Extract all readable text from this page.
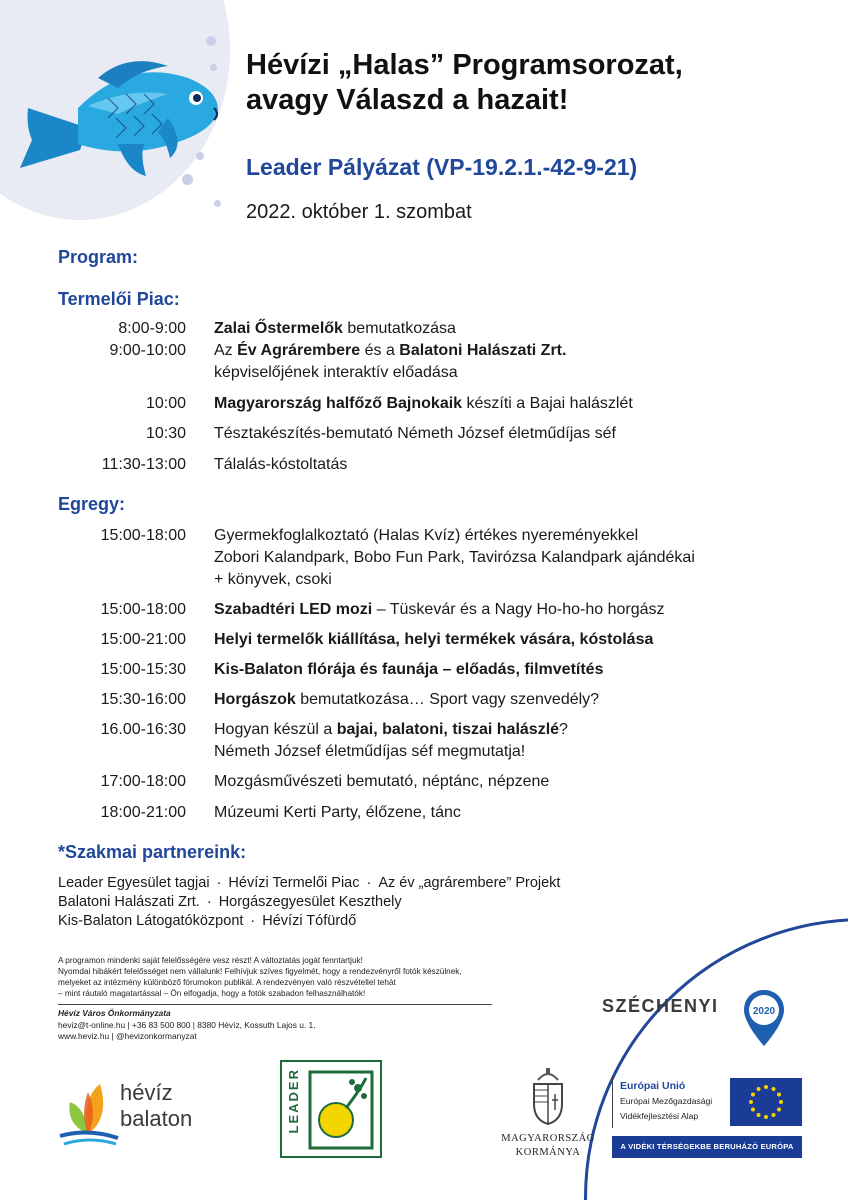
Hévízi „Halas” Programsorozat,
avagy Válaszd a hazait!
Leader Pályázat (VP-19.2.1.-42-9-21)
2022. október 1. szombat
Program:
Termelői Piac:
8:00-9:00 Zalai Őstermelők bemutatkozása
9:00-10:00 Az Év Agrárembere és a Balatoni Halászati Zrt.
képviselőjének interaktív előadása
10:00 Magyarország halfőző Bajnokaik készíti a Bajai halászlét
10:30 Tésztakészítés-bemutató Németh József életműdíjas séf
11:30-13:00 Tálalás-kóstoltatás
Egregy:
15:00-18:00 Gyermekfoglalkoztató (Halas Kvíz) értékes nyereményekkel
Zobori Kalandpark, Bobo Fun Park, Tavirózsa Kalandpark ajándékai
+ könyvek, csoki
15:00-18:00 Szabadtéri LED mozi – Tüskevár és a Nagy Ho-ho-ho horgász
15:00-21:00 Helyi termelők kiállítása, helyi termékek vására, kóstolása
15:00-15:30 Kis-Balaton flórája és faunája – előadás, filmvetítés
15:30-16:00 Horgászok bemutatkozása… Sport vagy szenvedély?
16.00-16:30 Hogyan készül a bajai, balatoni, tiszai halászlé?
Németh József életműdíjas séf megmutatja!
17:00-18:00 Mozgásművészeti bemutató, néptánc, népzene
18:00-21:00 Múzeumi Kerti Party, élőzene, tánc
*Szakmai partnereink:
Leader Egyesület tagjai · Hévízi Termelői Piac · Az év „agrárembere” Projekt
Balatoni Halászati Zrt. · Horgászegyesület Keszthely
Kis-Balaton Látogatóközpont · Hévízi Tófürdő
A programon mindenki saját felelősségére vesz részt! A változtatás jogát fenntartjuk!
Nyomdai hibákért felelősséget nem vállalunk! Felhívjuk szíves figyelmét, hogy a rendezvényről fotók készülnek,
melyeket az intézmény különböző fórumokon publikál. A rendezvényen való részvétellel tehát
– mint ráutaló magatartással – Ön elfogadja, hogy a fotók szabadon felhasználhatók!
Hévíz Város Önkormányzata
heviz@t-online.hu | +36 83 500 800 | 8380 Hévíz, Kossuth Lajos u. 1.
www.heviz.hu | @hevizonkormanyzat
SZÉCHENYI	2020
hévíz
balaton	LEADER
MAGYARORSZÁG
KORMÁNYA
Európai Unió
Európai Mezőgazdasági
Vidékfejlesztési Alap
A VIDÉKI TÉRSÉGEKBE BERUHÁZÓ EURÓPA
